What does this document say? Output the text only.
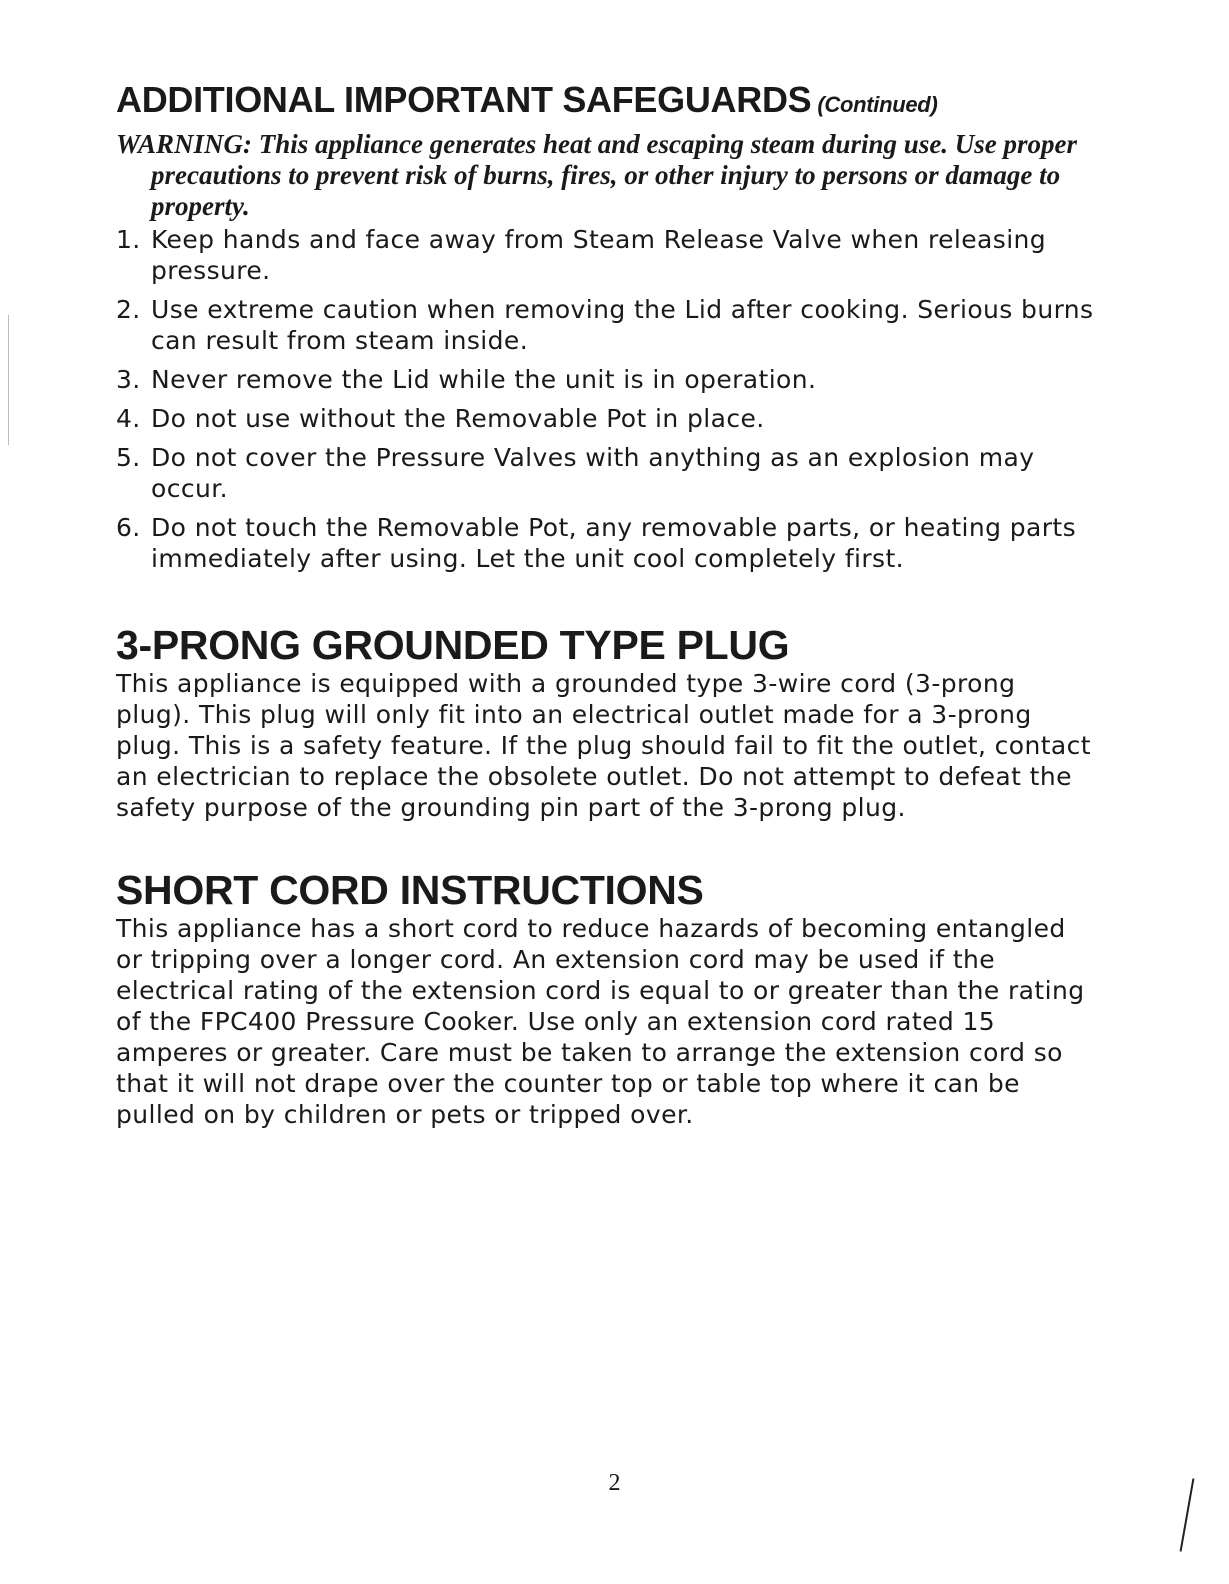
ADDITIONAL IMPORTANT SAFEGUARDS (Continued)

WARNING: This appliance generates heat and escaping steam during use. Use proper precautions to prevent risk of burns, fires, or other injury to persons or damage to property.

1. Keep hands and face away from Steam Release Valve when releasing pressure.
2. Use extreme caution when removing the Lid after cooking. Serious burns can result from steam inside.
3. Never remove the Lid while the unit is in operation.
4. Do not use without the Removable Pot in place.
5. Do not cover the Pressure Valves with anything as an explosion may occur.
6. Do not touch the Removable Pot, any removable parts, or heating parts immediately after using. Let the unit cool completely first.
3-PRONG GROUNDED TYPE PLUG

This appliance is equipped with a grounded type 3-wire cord (3-prong plug). This plug will only fit into an electrical outlet made for a 3-prong plug. This is a safety feature. If the plug should fail to fit the outlet, contact an electrician to replace the obsolete outlet. Do not attempt to defeat the safety purpose of the grounding pin part of the 3-prong plug.

SHORT CORD INSTRUCTIONS

This appliance has a short cord to reduce hazards of becoming entangled or tripping over a longer cord. An extension cord may be used if the electrical rating of the extension cord is equal to or greater than the rating of the FPC400 Pressure Cooker. Use only an extension cord rated 15 amperes or greater. Care must be taken to arrange the extension cord so that it will not drape over the counter top or table top where it can be pulled on by children or pets or tripped over.

2
